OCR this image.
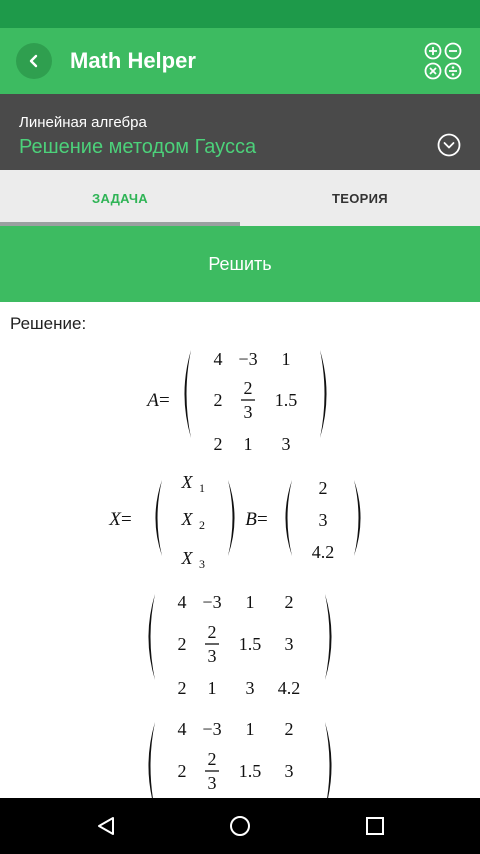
Math Helper
Линейная алгебра
Решение методом Гаусса
ЗАДАЧА	ТЕОРИЯ
Решить
Решение:
A =
4 −3 1
2
2
3
1.5
2 1 3
X =
X 1
X 2
X 3
B =
2
3
4.2
4 −3 1 2
2
2
3
1.5 3
2 1 3 4.2
4 −3 1 2
2
2
3
1.5 3
